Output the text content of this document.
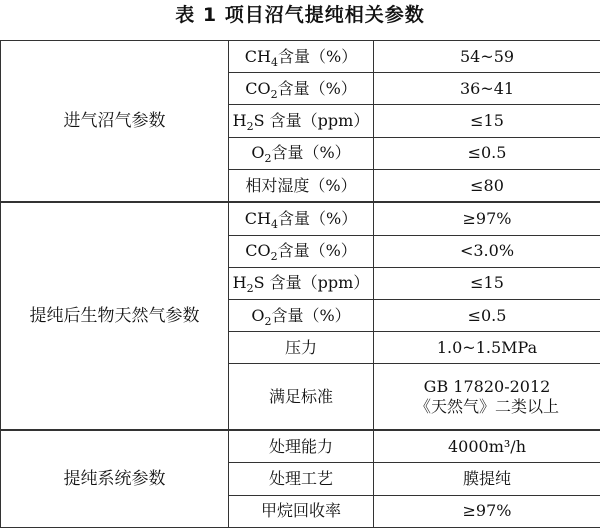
表 1 项目沼气提纯相关参数
进气沼气参数	$CH_4$含量（%）	54~59
	$CO_2$含量（%）	36~41
	$H_2S$ 含量（ppm）	≤15
	$O_2$含量（%）	≤0.5
	相对湿度（%）	≤80
提纯后生物天然气参数	$CH_4$含量（%）	≥97%
	$CO_2$含量（%）	<3.0%
	$H_2S$ 含量（ppm）	≤15
	$O_2$含量（%）	≤0.5
	压力	1.0~1.5MPa
	满足标准	GB 17820-2012
《天然气》二类以上

提纯系统参数	处理能力	4000m³/h
	处理工艺	膜提纯
	甲烷回收率	≥97%
